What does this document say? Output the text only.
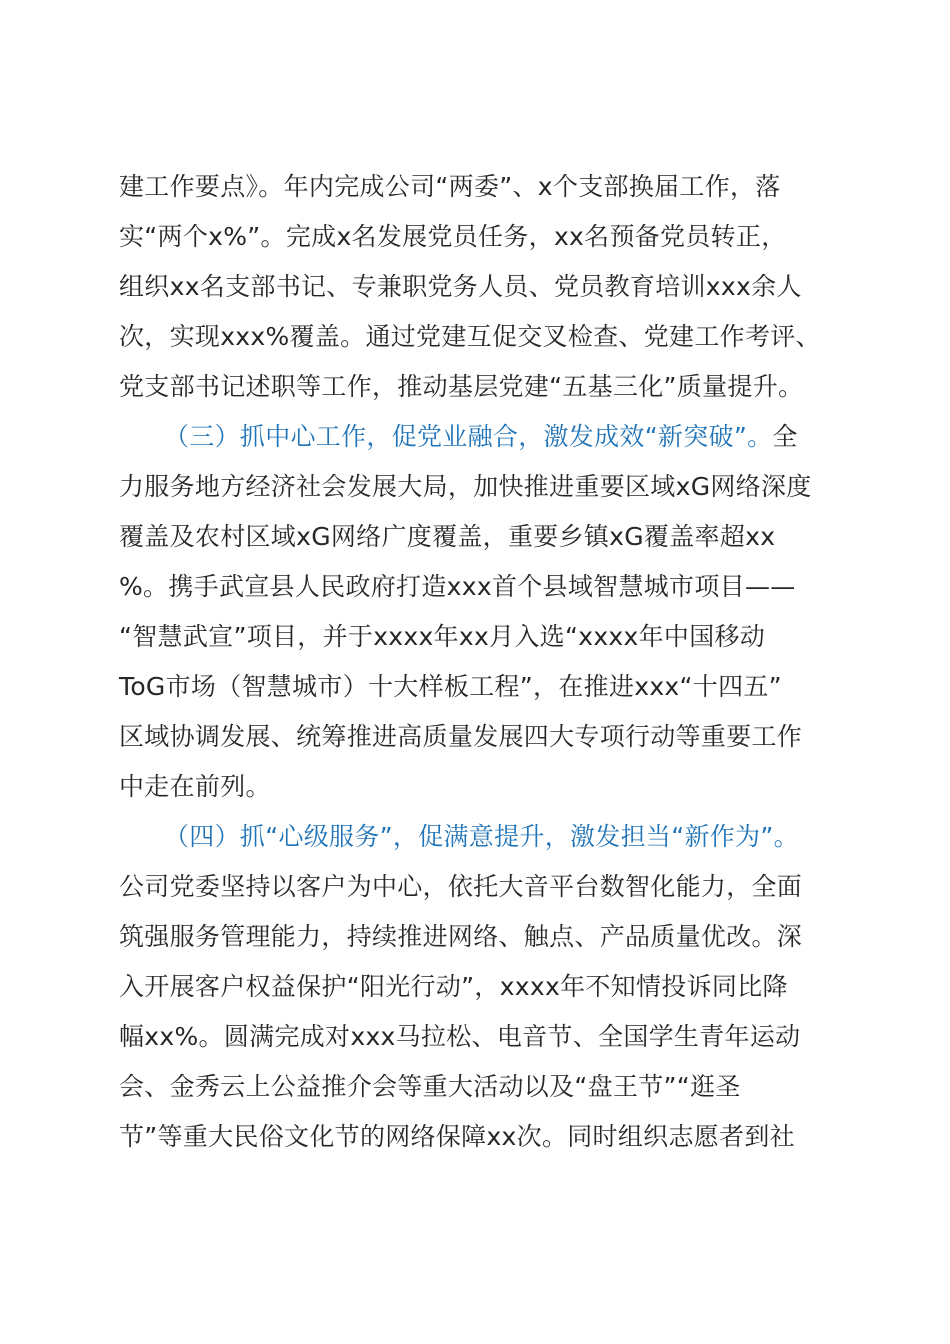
建工作要点》。年内完成公司“两委”、x个支部换届工作，落
实“两个x%”。完成x名发展党员任务，xx名预备党员转正，
组织xx名支部书记、专兼职党务人员、党员教育培训xxx余人
次，实现xxx%覆盖。通过党建互促交叉检查、党建工作考评、
党支部书记述职等工作，推动基层党建“五基三化”质量提升。
（三）抓中心工作，促党业融合，激发成效“新突破”。全
力服务地方经济社会发展大局，加快推进重要区域xG网络深度
覆盖及农村区域xG网络广度覆盖，重要乡镇xG覆盖率超xx
%。携手武宣县人民政府打造xxx首个县域智慧城市项目——
“智慧武宣”项目，并于xxxx年xx月入选“xxxx年中国移动
ToG市场（智慧城市）十大样板工程”，在推进xxx“十四五”
区域协调发展、统筹推进高质量发展四大专项行动等重要工作
中走在前列。
（四）抓“心级服务”，促满意提升，激发担当“新作为”。
公司党委坚持以客户为中心，依托大音平台数智化能力，全面
筑强服务管理能力，持续推进网络、触点、产品质量优改。深
入开展客户权益保护“阳光行动”，xxxx年不知情投诉同比降
幅xx%。圆满完成对xxx马拉松、电音节、全国学生青年运动
会、金秀云上公益推介会等重大活动以及“盘王节”“逛圣
节”等重大民俗文化节的网络保障xx次。同时组织志愿者到社
